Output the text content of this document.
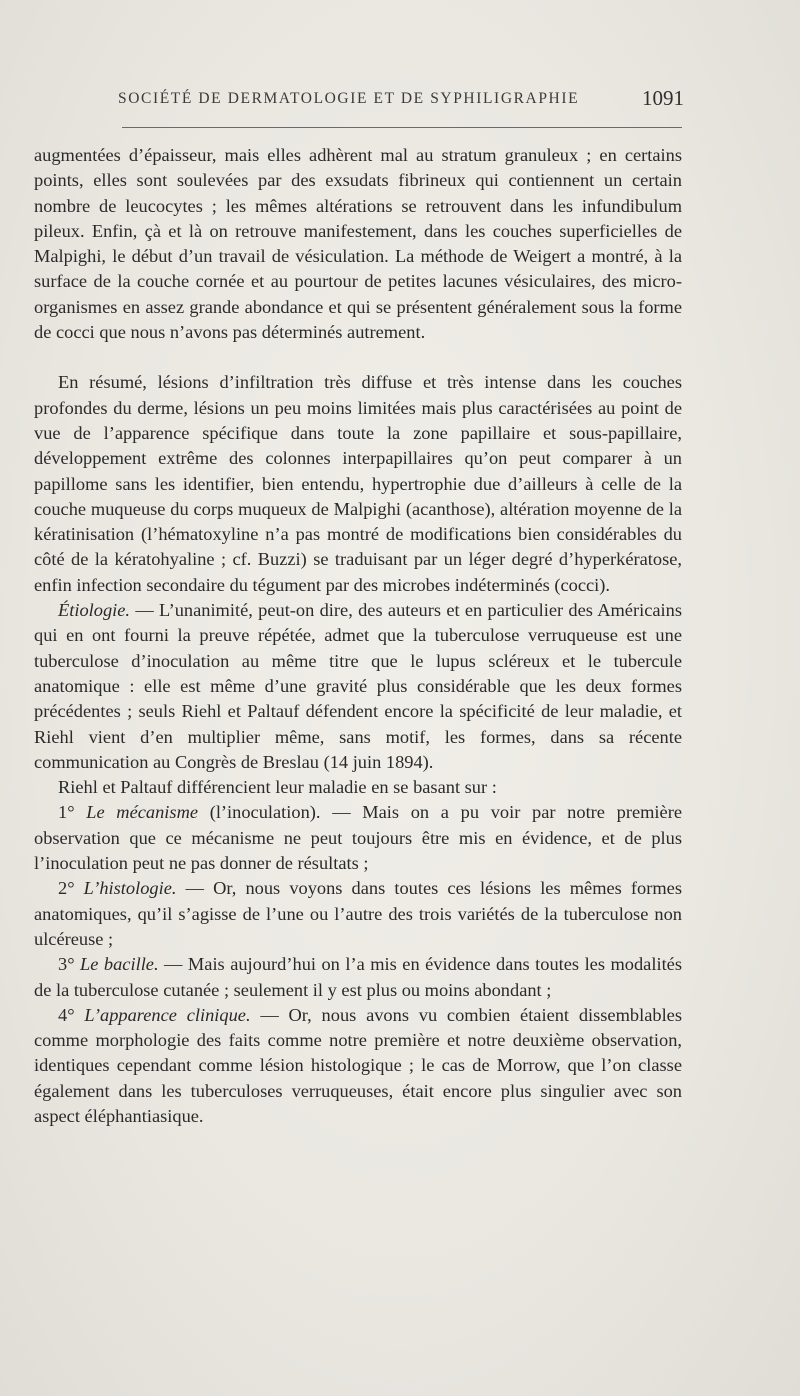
SOCIÉTÉ DE DERMATOLOGIE ET DE SYPHILIGRAPHIE	1091

augmentées d’épaisseur, mais elles adhèrent mal au stratum granuleux ; en certains points, elles sont soulevées par des exsudats fibrineux qui contiennent un certain nombre de leucocytes ; les mêmes altérations se retrouvent dans les infundibulum pileux. Enfin, çà et là on retrouve manifestement, dans les couches superficielles de Malpighi, le début d’un travail de vésiculation. La méthode de Weigert a montré, à la surface de la couche cornée et au pourtour de petites lacunes vésiculaires, des micro-organismes en assez grande abondance et qui se présentent généralement sous la forme de cocci que nous n’avons pas déterminés autrement.

En résumé, lésions d’infiltration très diffuse et très intense dans les couches profondes du derme, lésions un peu moins limitées mais plus caractérisées au point de vue de l’apparence spécifique dans toute la zone papillaire et sous-papillaire, développement extrême des colonnes interpapillaires qu’on peut comparer à un papillome sans les identifier, bien entendu, hypertrophie due d’ailleurs à celle de la couche muqueuse du corps muqueux de Malpighi (acanthose), altération moyenne de la kératinisation (l’hématoxyline n’a pas montré de modifications bien considérables du côté de la kératohyaline ; cf. Buzzi) se traduisant par un léger degré d’hyperkératose, enfin infection secondaire du tégument par des microbes indéterminés (cocci).

Étiologie. — L’unanimité, peut-on dire, des auteurs et en particulier des Américains qui en ont fourni la preuve répétée, admet que la tuberculose verruqueuse est une tuberculose d’inoculation au même titre que le lupus scléreux et le tubercule anatomique : elle est même d’une gravité plus considérable que les deux formes précédentes ; seuls Riehl et Paltauf défendent encore la spécificité de leur maladie, et Riehl vient d’en multiplier même, sans motif, les formes, dans sa récente communication au Congrès de Breslau (14 juin 1894).

Riehl et Paltauf différencient leur maladie en se basant sur :

1° Le mécanisme (l’inoculation). — Mais on a pu voir par notre première observation que ce mécanisme ne peut toujours être mis en évidence, et de plus l’inoculation peut ne pas donner de résultats ;

2° L’histologie. — Or, nous voyons dans toutes ces lésions les mêmes formes anatomiques, qu’il s’agisse de l’une ou l’autre des trois variétés de la tuberculose non ulcéreuse ;

3° Le bacille. — Mais aujourd’hui on l’a mis en évidence dans toutes les modalités de la tuberculose cutanée ; seulement il y est plus ou moins abondant ;

4° L’apparence clinique. — Or, nous avons vu combien étaient dissemblables comme morphologie des faits comme notre première et notre deuxième observation, identiques cependant comme lésion histologique ; le cas de Morrow, que l’on classe également dans les tuberculoses verruqueuses, était encore plus singulier avec son aspect éléphantiasique.
